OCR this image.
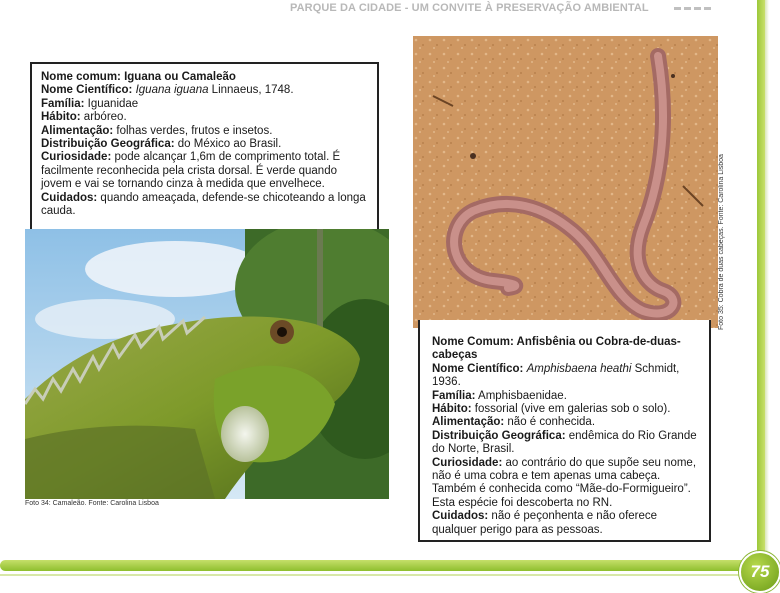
PARQUE DA CIDADE - UM CONVITE À PRESERVAÇÃO AMBIENTAL
75

Nome comum: Iguana ou Camaleão

Nome Científico: Iguana iguana Linnaeus, 1748.

Família: Iguanidae

Hábito: arbóreo.

Alimentação: folhas verdes, frutos e insetos.

Distribuição Geográfica: do México ao Brasil.

Curiosidade: pode alcançar 1,6m de comprimento total. É facilmente reconhecida pela crista dorsal. É verde quando jovem e vai se tornando cinza à medida que envelhece.

Cuidados: quando ameaçada, defende-se chicoteando a longa cauda.

Foto 34: Camaleão. Fonte: Carolina Lisboa
Foto 35: Cobra de duas cabeças. Fonte: Carolina Lisboa

Nome Comum: Anfisbênia ou Cobra-de-duas-cabeças

Nome Científico: Amphisbaena heathi Schmidt, 1936.

Família: Amphisbaenidae.

Hábito: fossorial (vive em galerias sob o solo).

Alimentação: não é conhecida.

Distribuição Geográfica: endêmica do Rio Grande do Norte, Brasil.

Curiosidade: ao contrário do que supõe seu nome, não é uma cobra e tem apenas uma cabeça. Também é conhecida como “Mãe-do-Formigueiro”. Esta espécie foi descoberta no RN.

Cuidados: não é peçonhenta e não oferece qualquer perigo para as pessoas.
